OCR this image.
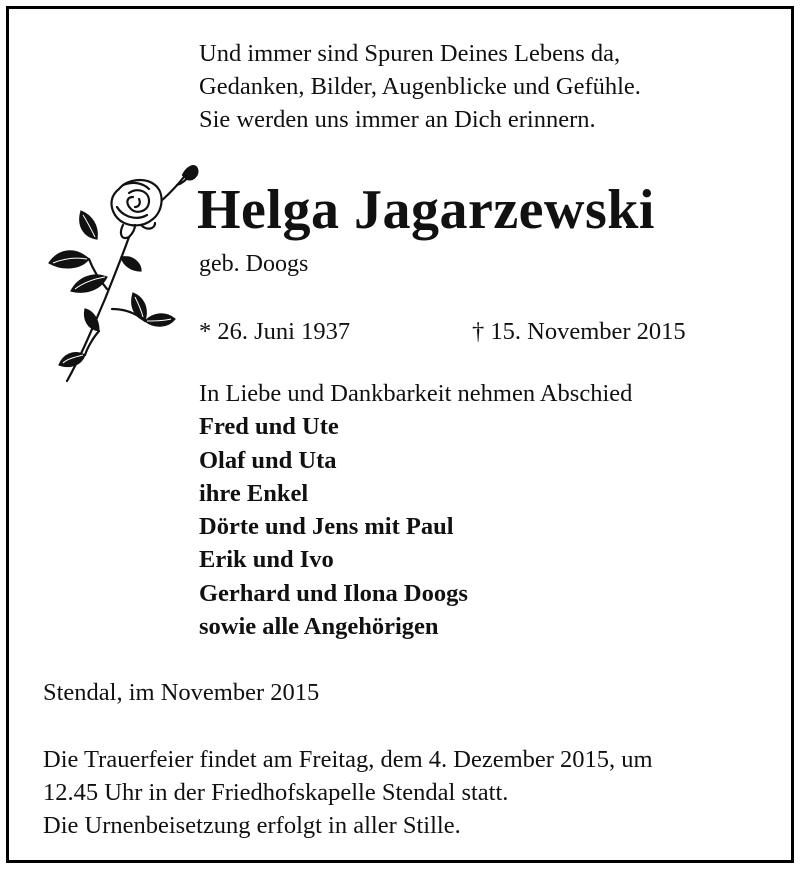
Und immer sind Spuren Deines Lebens da,
Gedanken, Bilder, Augenblicke und Gefühle.
Sie werden uns immer an Dich erinnern.
Helga Jagarzewski
geb. Doogs
* 26. Juni 1937	† 15. November 2015
In Liebe und Dankbarkeit nehmen Abschied
Fred und Ute
Olaf und Uta
ihre Enkel
Dörte und Jens mit Paul
Erik und Ivo
Gerhard und Ilona Doogs
sowie alle Angehörigen
Stendal, im November 2015
Die Trauerfeier findet am Freitag, dem 4. Dezember 2015, um
12.45 Uhr in der Friedhofskapelle Stendal statt.
Die Urnenbeisetzung erfolgt in aller Stille.
